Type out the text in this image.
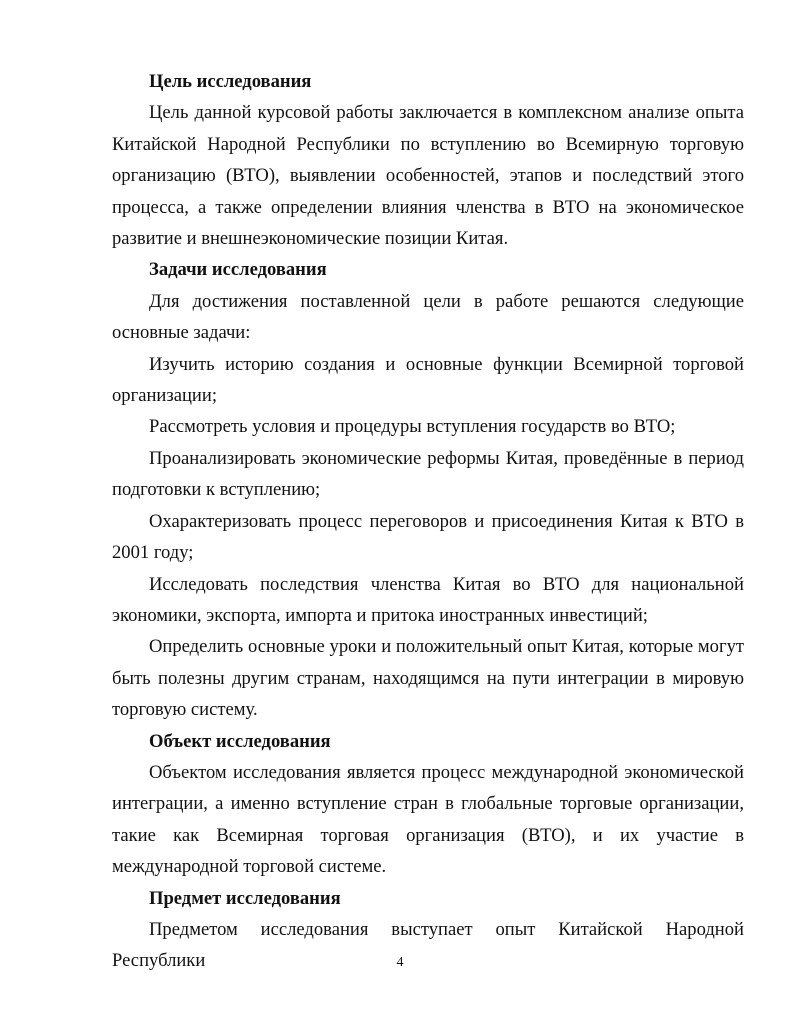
Цель исследования

Цель данной курсовой работы заключается в комплексном анализе опыта Китайской Народной Республики по вступлению во Всемирную торговую организацию (ВТО), выявлении особенностей, этапов и последствий этого процесса, а также определении влияния членства в ВТО на экономическое развитие и внешнеэкономические позиции Китая.

Задачи исследования

Для достижения поставленной цели в работе решаются следующие основные задачи:

Изучить историю создания и основные функции Всемирной торговой организации;

Рассмотреть условия и процедуры вступления государств во ВТО;

Проанализировать экономические реформы Китая, проведённые в период подготовки к вступлению;

Охарактеризовать процесс переговоров и присоединения Китая к ВТО в 2001 году;

Исследовать последствия членства Китая во ВТО для национальной экономики, экспорта, импорта и притока иностранных инвестиций;

Определить основные уроки и положительный опыт Китая, которые могут быть полезны другим странам, находящимся на пути интеграции в мировую торговую систему.

Объект исследования

Объектом исследования является процесс международной экономической интеграции, а именно вступление стран в глобальные торговые организации, такие как Всемирная торговая организация (ВТО), и их участие в международной торговой системе.

Предмет исследования

Предметом исследования выступает опыт Китайской Народной Республики	4
